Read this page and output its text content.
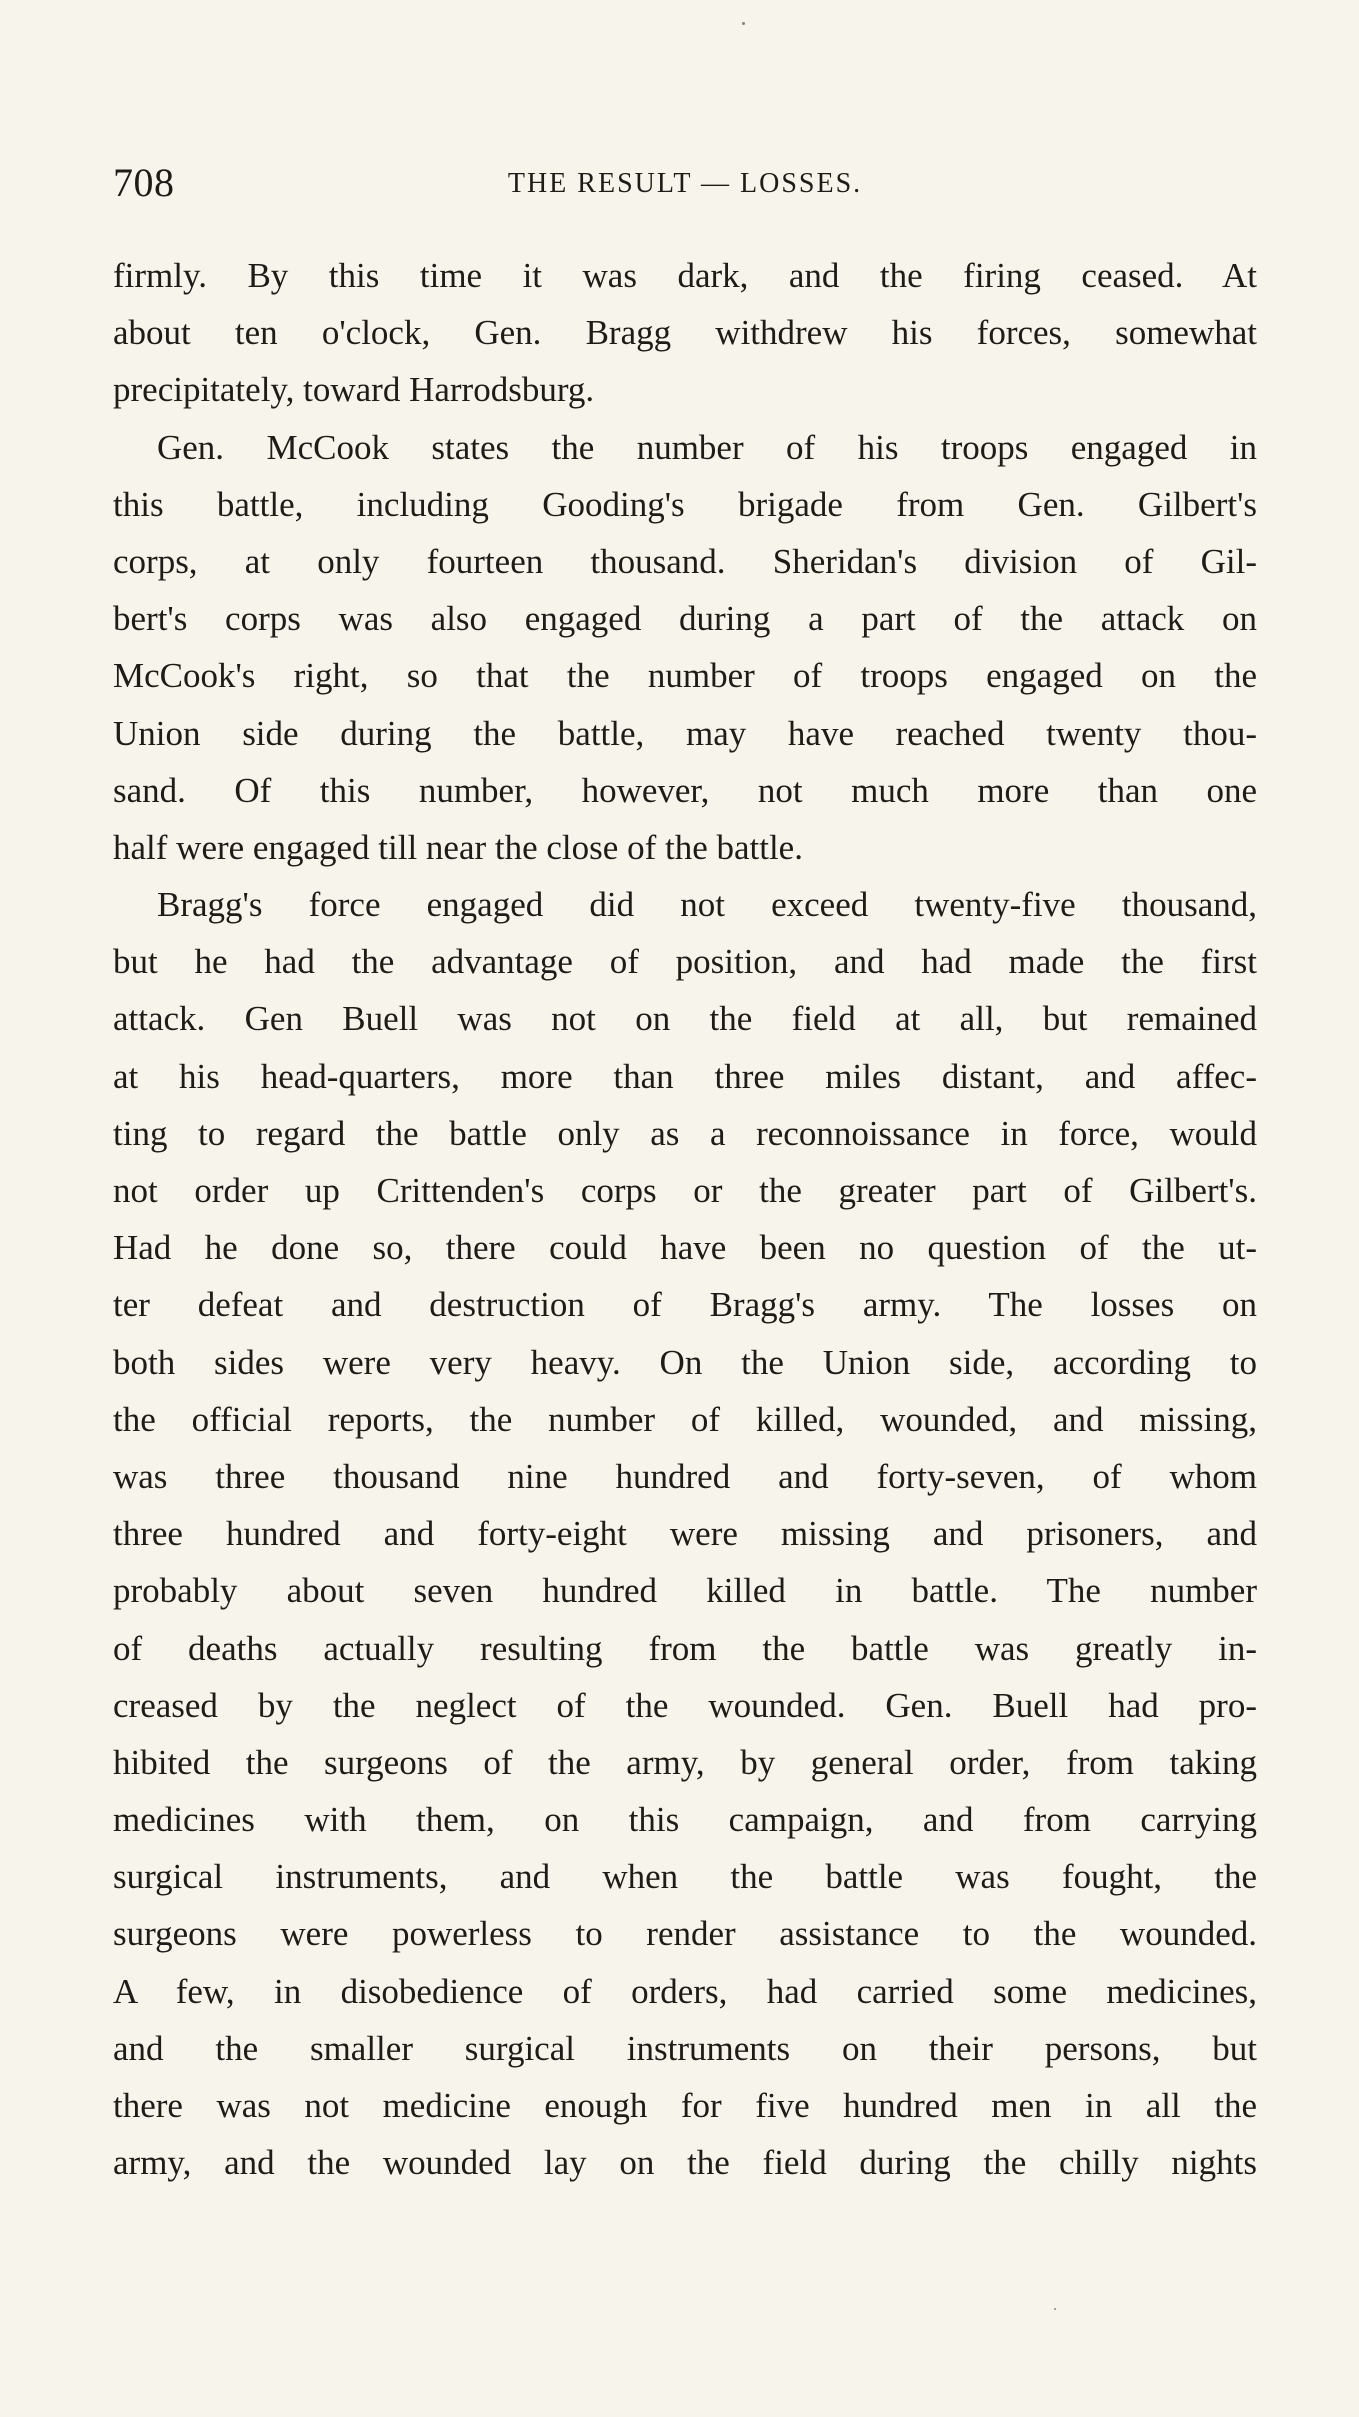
708	THE RESULT — LOSSES.
firmly. By this time it was dark, and the firing ceased. At
about ten o'clock, Gen. Bragg withdrew his forces, somewhat
precipitately, toward Harrodsburg.
Gen. McCook states the number of his troops engaged in
this battle, including Gooding's brigade from Gen. Gilbert's
corps, at only fourteen thousand. Sheridan's division of Gil-
bert's corps was also engaged during a part of the attack on
McCook's right, so that the number of troops engaged on the
Union side during the battle, may have reached twenty thou-
sand. Of this number, however, not much more than one
half were engaged till near the close of the battle.
Bragg's force engaged did not exceed twenty-five thousand,
but he had the advantage of position, and had made the first
attack. Gen Buell was not on the field at all, but remained
at his head-quarters, more than three miles distant, and affec-
ting to regard the battle only as a reconnoissance in force, would
not order up Crittenden's corps or the greater part of Gilbert's.
Had he done so, there could have been no question of the ut-
ter defeat and destruction of Bragg's army. The losses on
both sides were very heavy. On the Union side, according to
the official reports, the number of killed, wounded, and missing,
was three thousand nine hundred and forty-seven, of whom
three hundred and forty-eight were missing and prisoners, and
probably about seven hundred killed in battle. The number
of deaths actually resulting from the battle was greatly in-
creased by the neglect of the wounded. Gen. Buell had pro-
hibited the surgeons of the army, by general order, from taking
medicines with them, on this campaign, and from carrying
surgical instruments, and when the battle was fought, the
surgeons were powerless to render assistance to the wounded.
A few, in disobedience of orders, had carried some medicines,
and the smaller surgical instruments on their persons, but
there was not medicine enough for five hundred men in all the
army, and the wounded lay on the field during the chilly nights
